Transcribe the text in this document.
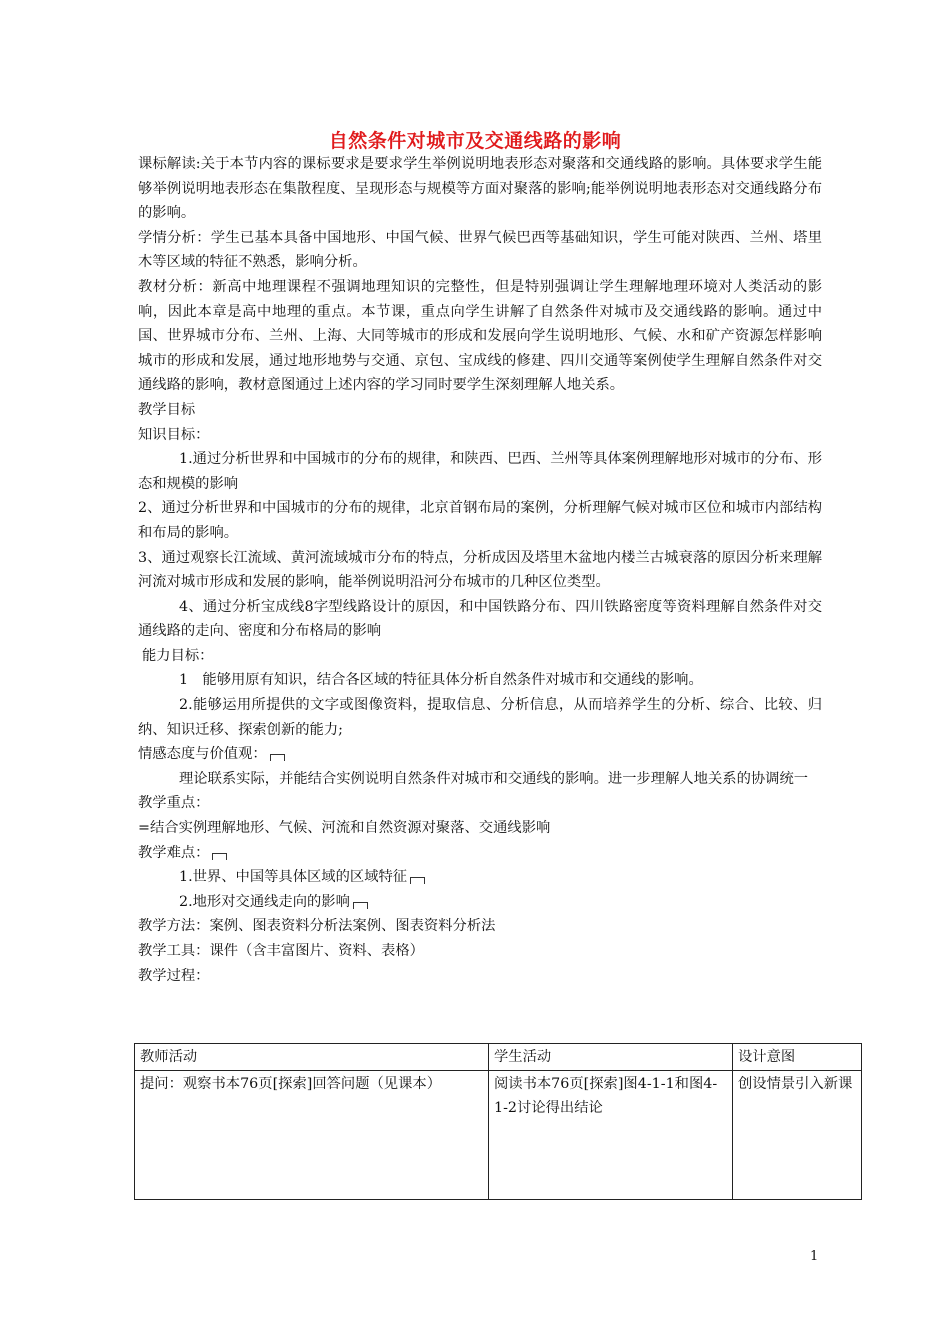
自然条件对城市及交通线路的影响

课标解读:关于本节内容的课标要求是要求学生举例说明地表形态对聚落和交通线路的影响。具体要求学生能够举例说明地表形态在集散程度、呈现形态与规模等方面对聚落的影响;能举例说明地表形态对交通线路分布的影响。

学情分析：学生已基本具备中国地形、中国气候、世界气候巴西等基础知识，学生可能对陕西、兰州、塔里木等区域的特征不熟悉，影响分析。

教材分析：新高中地理课程不强调地理知识的完整性，但是特别强调让学生理解地理环境对人类活动的影响，因此本章是高中地理的重点。本节课，重点向学生讲解了自然条件对城市及交通线路的影响。通过中国、世界城市分布、兰州、上海、大同等城市的形成和发展向学生说明地形、气候、水和矿产资源怎样影响城市的形成和发展，通过地形地势与交通、京包、宝成线的修建、四川交通等案例使学生理解自然条件对交通线路的影响，教材意图通过上述内容的学习同时要学生深刻理解人地关系。

教学目标

知识目标：

1.通过分析世界和中国城市的分布的规律，和陕西、巴西、兰州等具体案例理解地形对城市的分布、形态和规模的影响

2、通过分析世界和中国城市的分布的规律，北京首钢布局的案例，分析理解气候对城市区位和城市内部结构和布局的影响。

3、通过观察长江流域、黄河流域城市分布的特点，分析成因及塔里木盆地内楼兰古城衰落的原因分析来理解河流对城市形成和发展的影响，能举例说明沿河分布城市的几种区位类型。

4、通过分析宝成线8字型线路设计的原因，和中国铁路分布、四川铁路密度等资料理解自然条件对交通线路的走向、密度和分布格局的影响

能力目标：

1　能够用原有知识，结合各区域的特征具体分析自然条件对城市和交通线的影响。

2.能够运用所提供的文字或图像资料，提取信息、分析信息，从而培养学生的分析、综合、比较、归纳、知识迁移、探索创新的能力;

情感态度与价值观：

理论联系实际，并能结合实例说明自然条件对城市和交通线的影响。进一步理解人地关系的协调统一

教学重点：

=结合实例理解地形、气候、河流和自然资源对聚落、交通线影响

教学难点：

1.世界、中国等具体区域的区域特征

2.地形对交通线走向的影响

教学方法：案例、图表资料分析法案例、图表资料分析法

教学工具：课件（含丰富图片、资料、表格）

教学过程：

教师活动	学生活动	设计意图
提问：观察书本76页[探索]回答问题（见课本）	阅读书本76页[探索]图4-1-1和图4-1-2讨论得出结论	创设情景引入新课
1
